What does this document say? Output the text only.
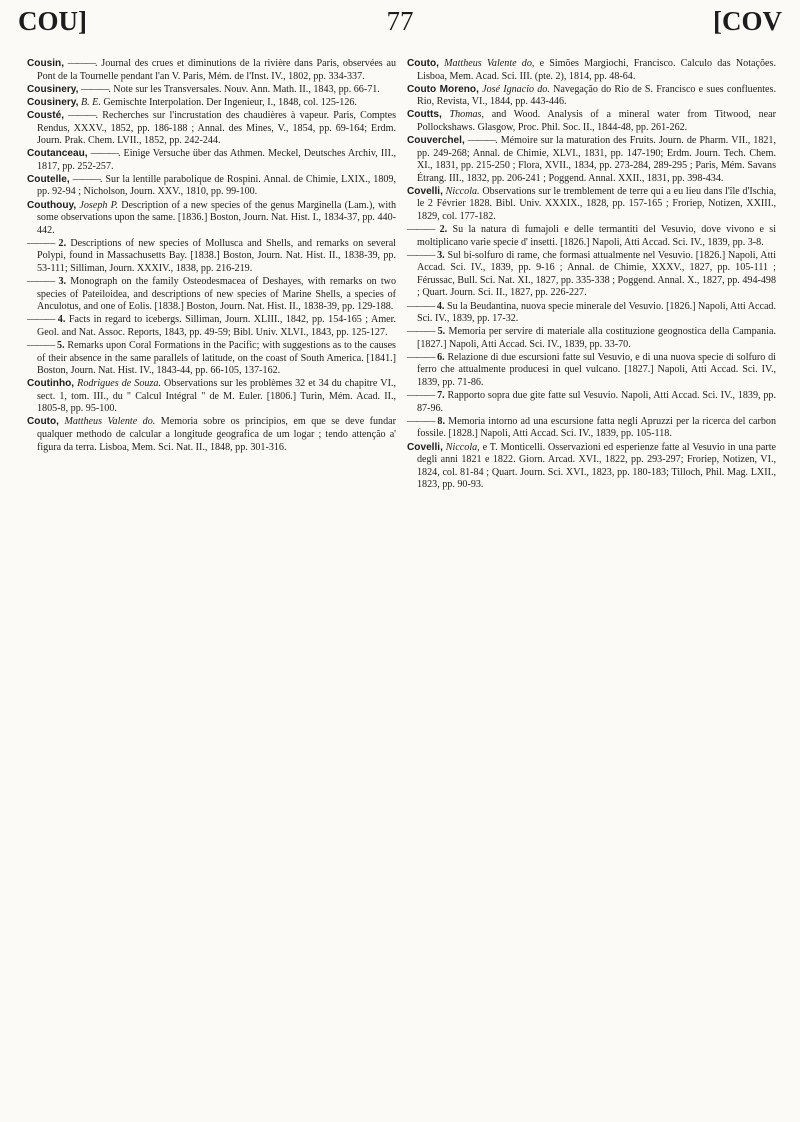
COU]	77	[COV

Cousin, ———. Journal des crues et diminutions de la rivière dans Paris, observées au Pont de la Tournelle pendant l'an V. Paris, Mém. de l'Inst. IV., 1802, pp. 334-337.

Cousinery, ———. Note sur les Transversales. Nouv. Ann. Math. II., 1843, pp. 66-71.

Cousinery, B. E. Gemischte Interpolation. Der Ingenieur, I., 1848, col. 125-126.

Cousté, ———. Recherches sur l'incrustation des chaudières à vapeur. Paris, Comptes Rendus, XXXV., 1852, pp. 186-188 ; Annal. des Mines, V., 1854, pp. 69-164; Erdm. Journ. Prak. Chem. LVII., 1852, pp. 242-244.

Coutanceau, ———. Einige Versuche über das Athmen. Meckel, Deutsches Archiv, III., 1817, pp. 252-257.

Coutelle, ———. Sur la lentille parabolique de Rospini. Annal. de Chimie, LXIX., 1809, pp. 92-94 ; Nicholson, Journ. XXV., 1810, pp. 99-100.

Couthouy, Joseph P. Description of a new species of the genus Marginella (Lam.), with some observations upon the same. [1836.] Boston, Journ. Nat. Hist. I., 1834-37, pp. 440-442.

——— 2. Descriptions of new species of Mollusca and Shells, and remarks on several Polypi, found in Massachusetts Bay. [1838.] Boston, Journ. Nat. Hist. II., 1838-39, pp. 53-111; Silliman, Journ. XXXIV., 1838, pp. 216-219.

——— 3. Monograph on the family Osteodesmacea of Deshayes, with remarks on two species of Pateiloidea, and descriptions of new species of Marine Shells, a species of Anculotus, and one of Eolis. [1838.] Boston, Journ. Nat. Hist. II., 1838-39, pp. 129-188.

——— 4. Facts in regard to icebergs. Silliman, Journ. XLIII., 1842, pp. 154-165 ; Amer. Geol. and Nat. Assoc. Reports, 1843, pp. 49-59; Bibl. Univ. XLVI., 1843, pp. 125-127.

——— 5. Remarks upon Coral Formations in the Pacific; with suggestions as to the causes of their absence in the same parallels of latitude, on the coast of South America. [1841.] Boston, Journ. Nat. Hist. IV., 1843-44, pp. 66-105, 137-162.

Coutinho, Rodrigues de Souza. Observations sur les problèmes 32 et 34 du chapitre VI., sect. 1, tom. III., du " Calcul Intégral " de M. Euler. [1806.] Turin, Mém. Acad. II., 1805-8, pp. 95-100.

Couto, Mattheus Valente do. Memoria sobre os principios, em que se deve fundar qualquer methodo de calcular a longitude geografica de um logar ; tendo attenção a' figura da terra. Lisboa, Mem. Sci. Nat. II., 1848, pp. 301-316.

Couto, Mattheus Valente do, e Simões Margiochi, Francisco. Calculo das Notações. Lisboa, Mem. Acad. Sci. III. (pte. 2), 1814, pp. 48-64.

Couto Moreno, José Ignacio do. Navegação do Rio de S. Francisco e sues confluentes. Rio, Revista, VI., 1844, pp. 443-446.

Coutts, Thomas, and Wood. Analysis of a mineral water from Titwood, near Pollockshaws. Glasgow, Proc. Phil. Soc. II., 1844-48, pp. 261-262.

Couverchel, ———. Mémoire sur la maturation des Fruits. Journ. de Pharm. VII., 1821, pp. 249-268; Annal. de Chimie, XLVI., 1831, pp. 147-190; Erdm. Journ. Tech. Chem. XI., 1831, pp. 215-250 ; Flora, XVII., 1834, pp. 273-284, 289-295 ; Paris, Mém. Savans Étrang. III., 1832, pp. 206-241 ; Poggend. Annal. XXII., 1831, pp. 398-434.

Covelli, Niccola. Observations sur le tremblement de terre qui a eu lieu dans l'île d'Ischia, le 2 Février 1828. Bibl. Univ. XXXIX., 1828, pp. 157-165 ; Froriep, Notizen, XXIII., 1829, col. 177-182.

——— 2. Su la natura di fumajoli e delle termantiti del Vesuvio, dove vivono e si moltiplicano varie specie d' insetti. [1826.] Napoli, Atti Accad. Sci. IV., 1839, pp. 3-8.

——— 3. Sul bi-solfuro di rame, che formasi attualmente nel Vesuvio. [1826.] Napoli, Atti Accad. Sci. IV., 1839, pp. 9-16 ; Annal. de Chimie, XXXV., 1827, pp. 105-111 ; Férussac, Bull. Sci. Nat. XI., 1827, pp. 335-338 ; Poggend. Annal. X., 1827, pp. 494-498 ; Quart. Journ. Sci. II., 1827, pp. 226-227.

——— 4. Su la Beudantina, nuova specie minerale del Vesuvio. [1826.] Napoli, Atti Accad. Sci. IV., 1839, pp. 17-32.

——— 5. Memoria per servire di materiale alla costituzione geognostica della Campania. [1827.] Napoli, Atti Accad. Sci. IV., 1839, pp. 33-70.

——— 6. Relazione di due escursioni fatte sul Vesuvio, e di una nuova specie di solfuro di ferro che attualmente producesi in quel vulcano. [1827.] Napoli, Atti Accad. Sci. IV., 1839, pp. 71-86.

——— 7. Rapporto sopra due gite fatte sul Vesuvio. Napoli, Atti Accad. Sci. IV., 1839, pp. 87-96.

——— 8. Memoria intorno ad una escursione fatta negli Apruzzi per la ricerca del carbon fossile. [1828.] Napoli, Atti Accad. Sci. IV., 1839, pp. 105-118.

Covelli, Niccola, e T. Monticelli. Osservazioni ed esperienze fatte al Vesuvio in una parte degli anni 1821 e 1822. Giorn. Arcad. XVI., 1822, pp. 293-297; Froriep, Notizen, VI., 1824, col. 81-84 ; Quart. Journ. Sci. XVI., 1823, pp. 180-183; Tilloch, Phil. Mag. LXII., 1823, pp. 90-93.
